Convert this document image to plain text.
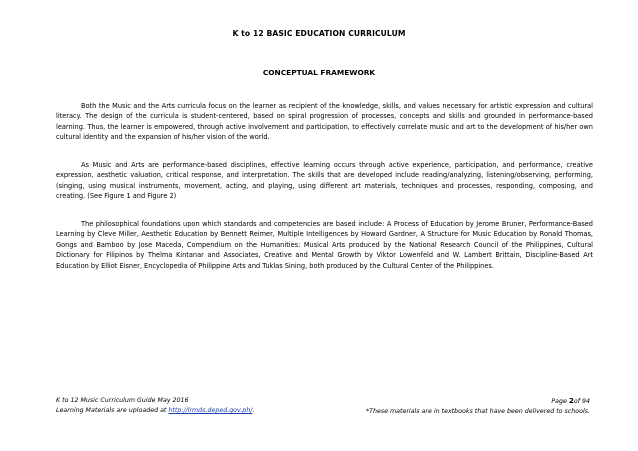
K to 12 BASIC EDUCATION CURRICULUM
CONCEPTUAL FRAMEWORK

Both the Music and the Arts curricula focus on the learner as recipient of the knowledge, skills, and values necessary for artistic expression and cultural literacy. The design of the curricula is student-centered, based on spiral progression of processes, concepts and skills and grounded in performance-based learning. Thus, the learner is empowered, through active involvement and participation, to effectively correlate music and art to the development of his/her own cultural identity and the expansion of his/her vision of the world.

As Music and Arts are performance-based disciplines, effective learning occurs through active experience, participation, and performance, creative expression, aesthetic valuation, critical response, and interpretation. The skills that are developed include reading/analyzing, listening/observing, performing, (singing, using musical instruments, movement, acting, and playing, using different art materials, techniques and processes, responding, composing, and creating. (See Figure 1 and Figure 2)

The philosophical foundations upon which standards and competencies are based include: A Process of Education by Jerome Bruner, Performance-Based Learning by Cleve Miller, Aesthetic Education by Bennett Reimer, Multiple Intelligences by Howard Gardner, A Structure for Music Education by Ronald Thomas, Gongs and Bamboo by Jose Maceda, Compendium on the Humanities: Musical Arts produced by the National Research Council of the Philippines, Cultural Dictionary for Filipinos by Thelma Kintanar and Associates, Creative and Mental Growth by Viktor Lowenfeld and W. Lambert Brittain, Discipline-Based Art Education by Elliot Eisner, Encyclopedia of Philippine Arts and Tuklas Sining, both produced by the Cultural Center of the Philippines.

K to 12 Music Curriculum Guide May 2016
Learning Materials are uploaded at http://lrmds.deped.gov.ph/.
Page 2of 94
*These materials are in textbooks that have been delivered to schools.
